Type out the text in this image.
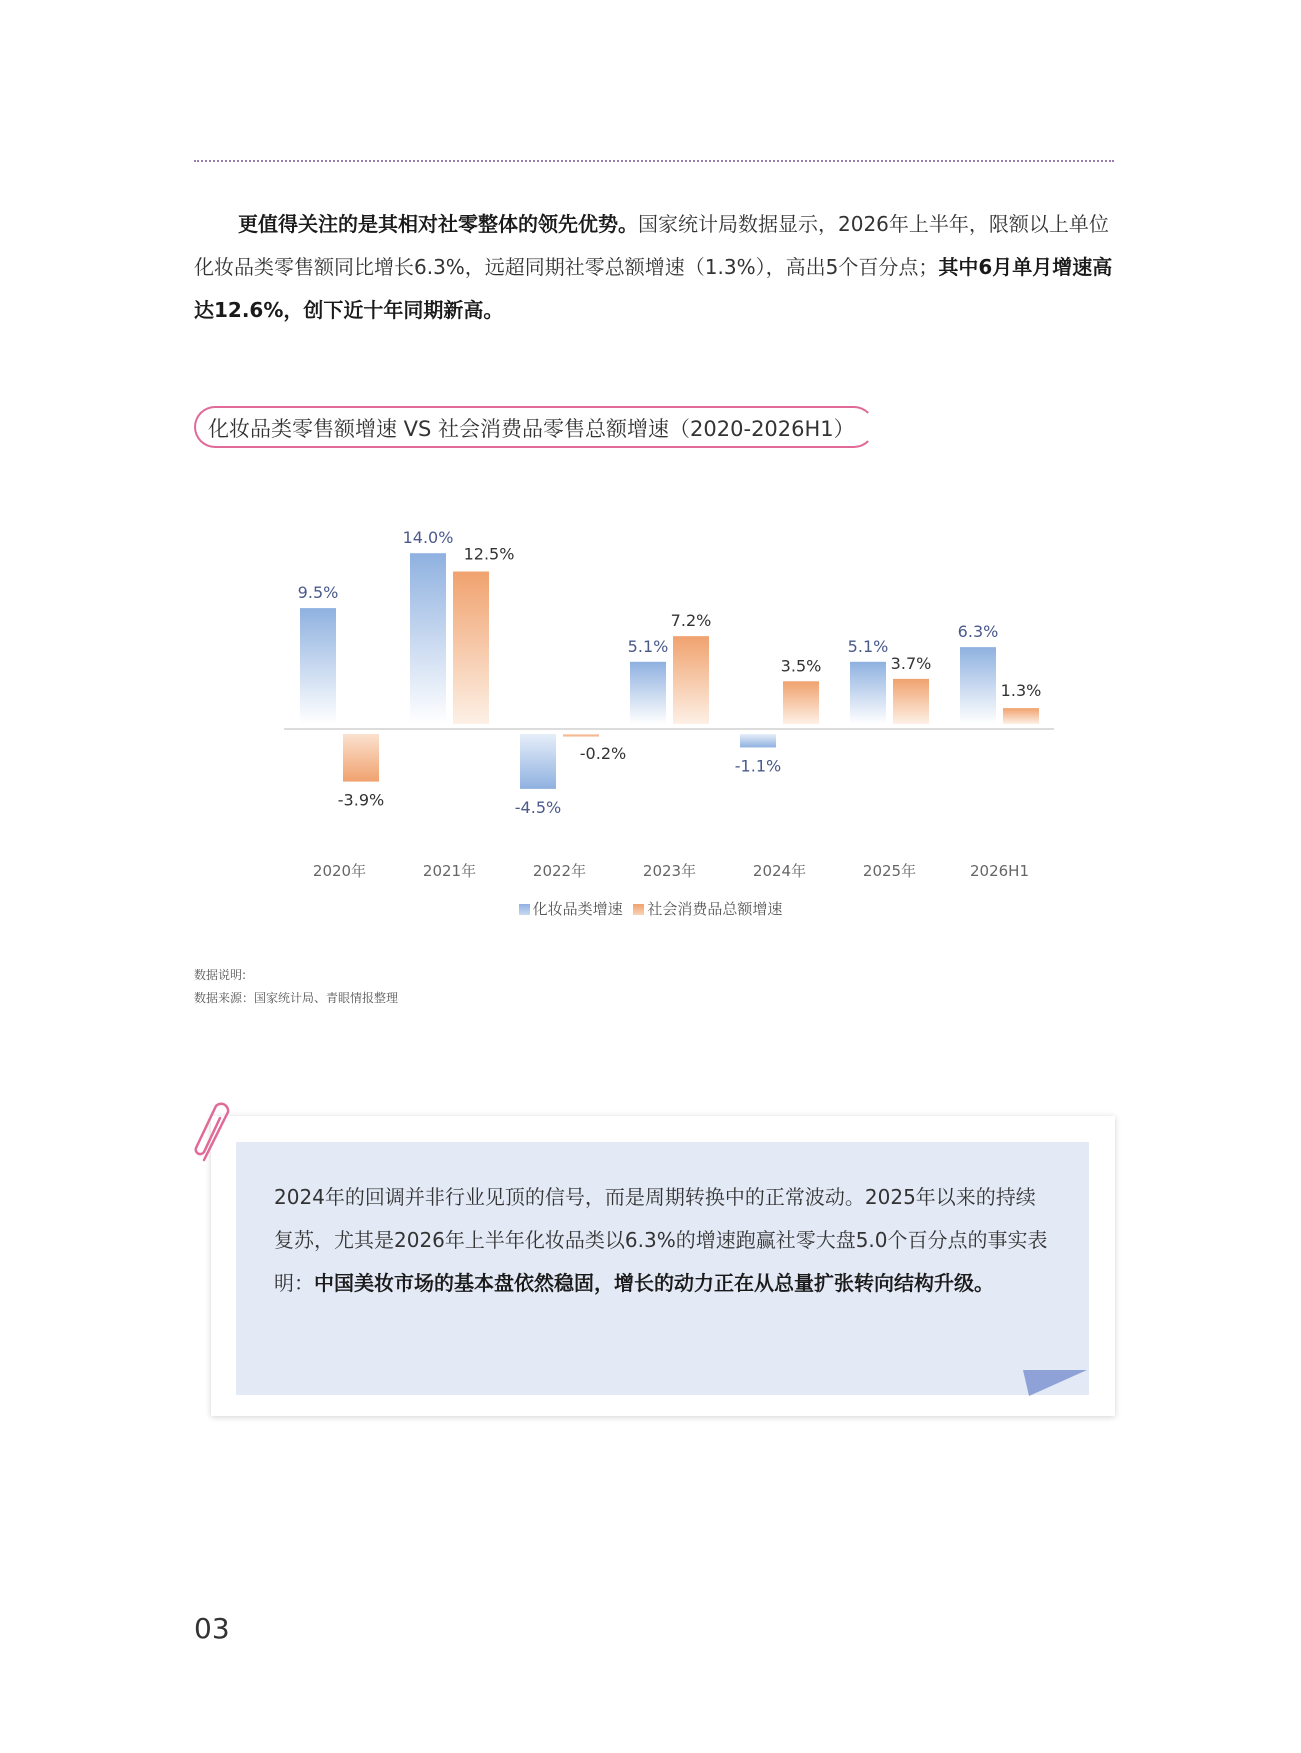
更值得关注的是其相对社零整体的领先优势。国家统计局数据显示，2026年上半年，限额以上单位化妆品类零售额同比增长6.3%，远超同期社零总额增速（1.3%），高出5个百分点；其中6月单月增速高达12.6%，创下近十年同期新高。

化妆品类零售额增速 VS 社会消费品零售总额增速（2020-2026H1）
9.5%
-3.9%
2020年
14.0%
12.5%
2021年
-4.5%
-0.2%
2022年
5.1%
7.2%
2023年
-1.1%
3.5%
2024年
5.1%
3.7%
2025年
6.3%
1.3%
2026H1
化妆品类增速 社会消费品总额增速
数据说明:
数据来源：国家统计局、青眼情报整理

2024年的回调并非行业见顶的信号，而是周期转换中的正常波动。2025年以来的持续复苏，尤其是2026年上半年化妆品类以6.3%的增速跑赢社零大盘5.0个百分点的事实表明：中国美妆市场的基本盘依然稳固，增长的动力正在从总量扩张转向结构升级。

03
